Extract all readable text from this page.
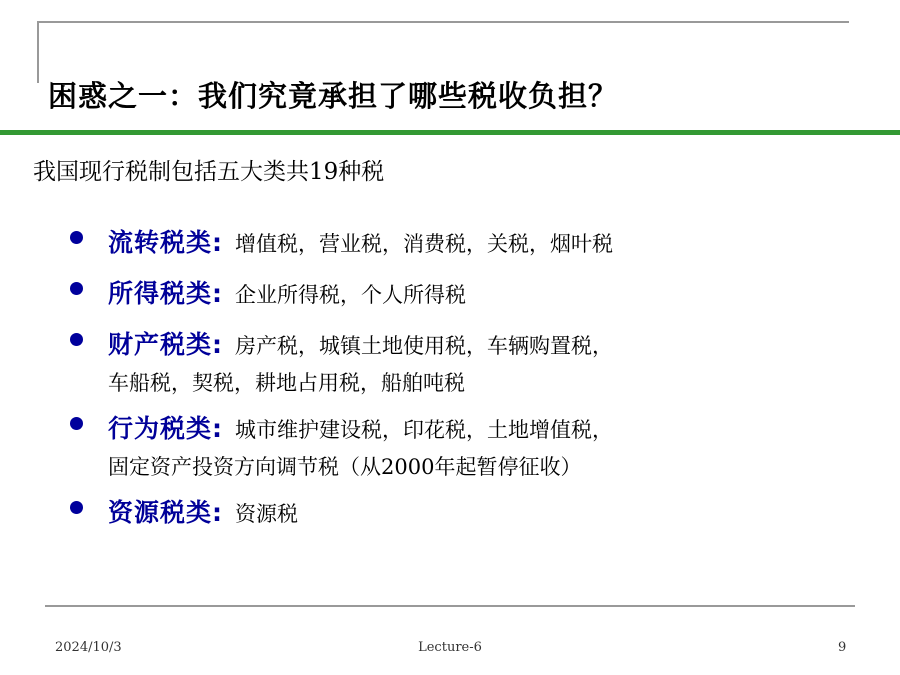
困惑之一：我们究竟承担了哪些税收负担？
我国现行税制包括五大类共19种税
流转税类: 增值税，营业税，消费税，关税，烟叶税
所得税类: 企业所得税，个人所得税
财产税类: 房产税，城镇土地使用税，车辆购置税，
车船税，契税，耕地占用税，船舶吨税
行为税类: 城市维护建设税，印花税，土地增值税，
固定资产投资方向调节税（从2000年起暂停征收）
资源税类: 资源税
2024/10/3	Lecture-6	9
